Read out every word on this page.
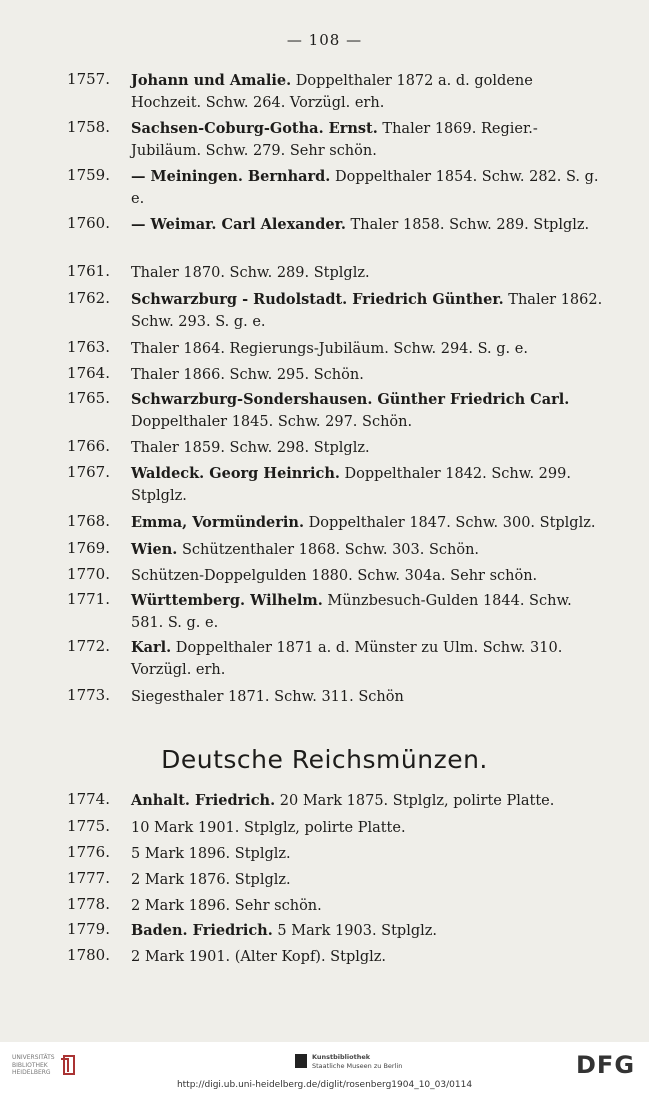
— 108 —
1757. Johann und Amalie. Doppelthaler 1872 a. d. goldene Hochzeit. Schw. 264. Vorzügl. erh.
1758. Sachsen-Coburg-Gotha. Ernst. Thaler 1869. Regier.-Jubiläum. Schw. 279. Sehr schön.
1759. — Meiningen. Bernhard. Doppelthaler 1854. Schw. 282. S. g. e.
1760. — Weimar. Carl Alexander. Thaler 1858. Schw. 289. Stplglz.
1761. Thaler 1870. Schw. 289. Stplglz.
1762. Schwarzburg - Rudolstadt. Friedrich Günther. Thaler 1862. Schw. 293. S. g. e.
1763. Thaler 1864. Regierungs-Jubiläum. Schw. 294. S. g. e.
1764. Thaler 1866. Schw. 295. Schön.
1765. Schwarzburg-Sondershausen. Günther Friedrich Carl. Doppelthaler 1845. Schw. 297. Schön.
1766. Thaler 1859. Schw. 298. Stplglz.
1767. Waldeck. Georg Heinrich. Doppelthaler 1842. Schw. 299. Stplglz.
1768. Emma, Vormünderin. Doppelthaler 1847. Schw. 300. Stplglz.
1769. Wien. Schützenthaler 1868. Schw. 303. Schön.
1770. Schützen-Doppelgulden 1880. Schw. 304a. Sehr schön.
1771. Württemberg. Wilhelm. Münzbesuch-Gulden 1844. Schw. 581. S. g. e.
1772. Karl. Doppelthaler 1871 a. d. Münster zu Ulm. Schw. 310. Vorzügl. erh.
1773. Siegesthaler 1871. Schw. 311. Schön
Deutsche Reichsmünzen.
1774. Anhalt. Friedrich. 20 Mark 1875. Stplglz, polirte Platte.
1775. 10 Mark 1901. Stplglz, polirte Platte.
1776. 5 Mark 1896. Stplglz.
1777. 2 Mark 1876. Stplglz.
1778. 2 Mark 1896. Sehr schön.
1779. Baden. Friedrich. 5 Mark 1903. Stplglz.
1780. 2 Mark 1901. (Alter Kopf). Stplglz.
UNIVERSITÄTS
BIBLIOTHEK
HEIDELBERG
Kunstbibliothek
Staatliche Museen zu Berlin	DFG
http://digi.ub.uni-heidelberg.de/diglit/rosenberg1904_10_03/0114
